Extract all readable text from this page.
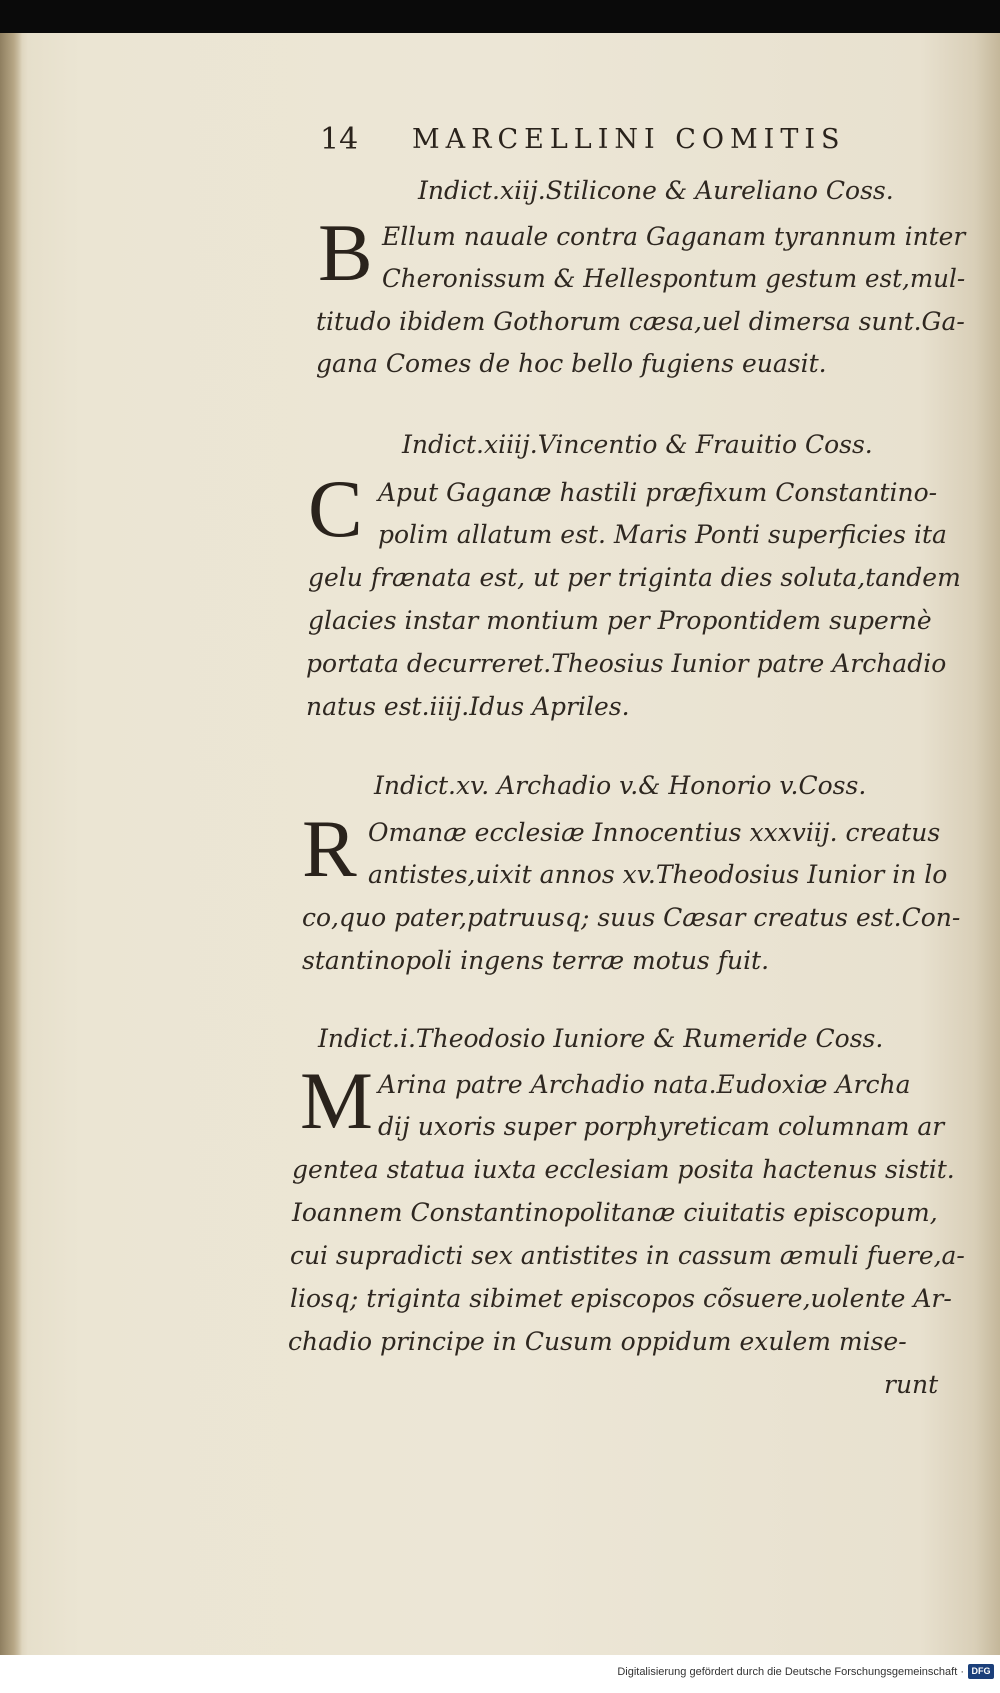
14 MARCELLINI COMITIS
Indict.xiij.Stilicone & Aureliano Coss.
B Ellum nauale contra Gaganam tyrannum inter
Cheronissum & Hellespontum gestum est,mul-
titudo ibidem Gothorum cæsa,uel dimersa sunt.Ga-
gana Comes de hoc bello fugiens euasit.
Indict.xiiij.Vincentio & Frauitio Coss.
C Aput Gaganæ hastili præfixum Constantino-
polim allatum est. Maris Ponti superficies ita
gelu frænata est, ut per triginta dies soluta,tandem
glacies instar montium per Propontidem supernè
portata decurreret.Theosius Iunior patre Archadio
natus est.iiij.Idus Apriles.
Indict.xv. Archadio v.& Honorio v.Coss.
R Omanæ ecclesiæ Innocentius xxxviij. creatus
antistes,uixit annos xv.Theodosius Iunior in lo
co,quo pater,patruusq; suus Cæsar creatus est.Con-
stantinopoli ingens terræ motus fuit.
Indict.i.Theodosio Iuniore & Rumeride Coss.
M Arina patre Archadio nata.Eudoxiæ Archa
dij uxoris super porphyreticam columnam ar
gentea statua iuxta ecclesiam posita hactenus sistit.
Ioannem Constantinopolitanæ ciuitatis episcopum,
cui supradicti sex antistites in cassum æmuli fuere,a-
liosq; triginta sibimet episcopos cõsuere,uolente Ar-
chadio principe in Cusum oppidum exulem mise-
runt
Digitalisierung gefördert durch die Deutsche Forschungsgemeinschaft · DFG
